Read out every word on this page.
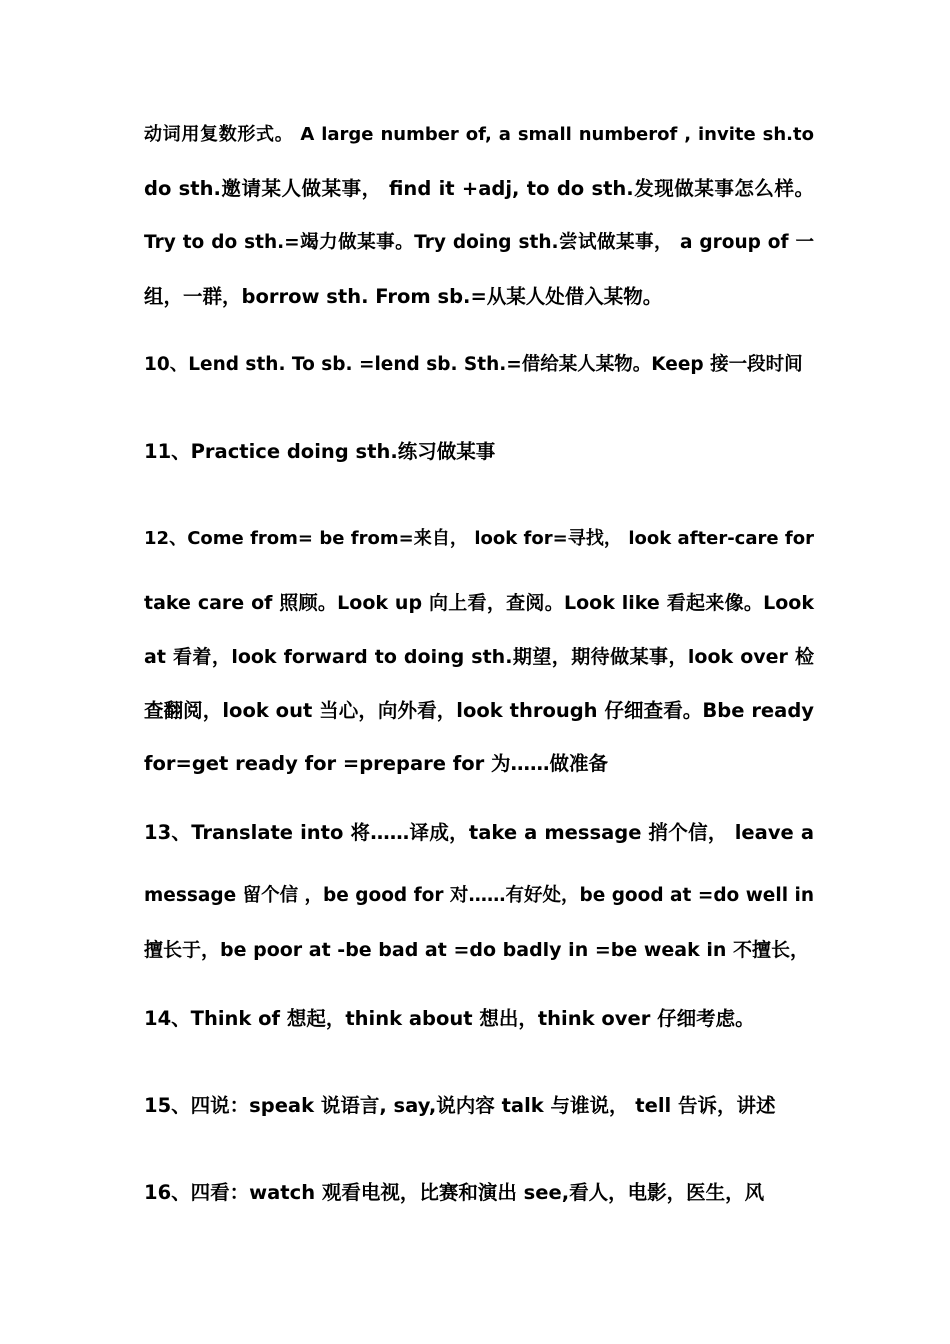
动词用复数形式。 A large number of, a small numberof , invite sh.to
do sth.邀请某人做某事， find it +adj, to do sth.发现做某事怎么样。
Try to do sth.=竭力做某事。Try doing sth.尝试做某事， a group of 一
组，一群，borrow sth. From sb.=从某人处借入某物。
10、Lend sth. To sb. =lend sb. Sth.=借给某人某物。Keep 接一段时间
11、Practice doing sth.练习做某事
12、Come from= be from=来自， look for=寻找， look after-care for
take care of 照顾。Look up 向上看，查阅。Look like 看起来像。Look
at 看着，look forward to doing sth.期望，期待做某事，look over 检
查翻阅，look out 当心，向外看，look through 仔细查看。Bbe ready
for=get ready for =prepare for 为……做准备
13、Translate into 将……译成，take a message 捎个信， leave a
message 留个信 ，be good for 对……有好处，be good at =do well in
擅长于，be poor at -be bad at =do badly in =be weak in 不擅长，
14、Think of 想起，think about 想出，think over 仔细考虑。
15、四说：speak 说语言, say,说内容 talk 与谁说， tell 告诉，讲述
16、四看：watch 观看电视，比赛和演出 see,看人，电影，医生，风
